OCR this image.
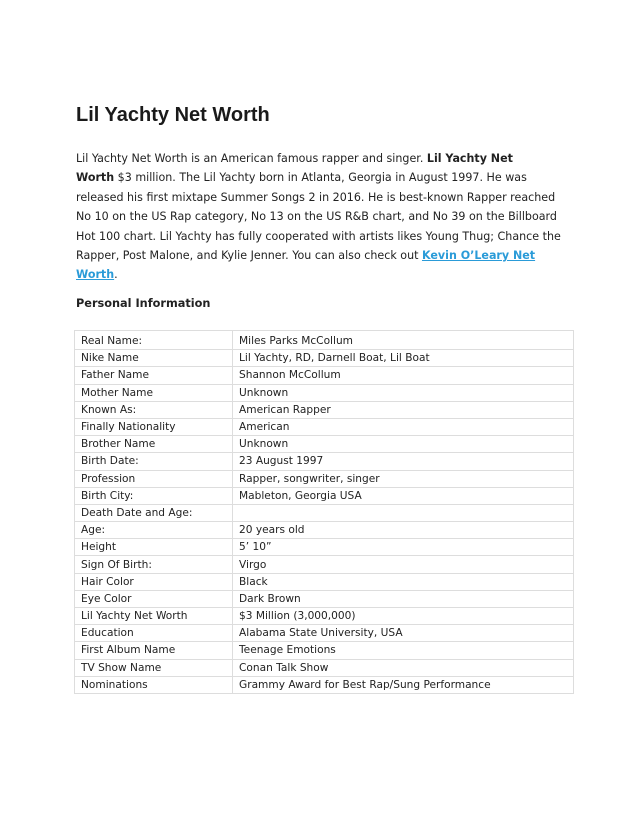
Lil Yachty Net Worth

Lil Yachty Net Worth is an American famous rapper and singer. Lil Yachty Net
Worth $3 million. The Lil Yachty born in Atlanta, Georgia in August 1997. He was
released his first mixtape Summer Songs 2 in 2016. He is best-known Rapper reached
No 10 on the US Rap category, No 13 on the US R&B chart, and No 39 on the Billboard
Hot 100 chart. Lil Yachty has fully cooperated with artists likes Young Thug; Chance the
Rapper, Post Malone, and Kylie Jenner. You can also check out Kevin O’Leary Net
Worth.

Personal Information
Real Name:	Miles Parks McCollum
Nike Name	Lil Yachty, RD, Darnell Boat, Lil Boat
Father Name	Shannon McCollum
Mother Name	Unknown
Known As:	American Rapper
Finally Nationality	American
Brother Name	Unknown
Birth Date:	23 August 1997
Profession	Rapper, songwriter, singer
Birth City:	Mableton, Georgia USA
Death Date and Age:	
Age:	20 years old
Height	5’ 10”
Sign Of Birth:	Virgo
Hair Color	Black
Eye Color	Dark Brown
Lil Yachty Net Worth	$3 Million (3,000,000)
Education	Alabama State University, USA
First Album Name	Teenage Emotions
TV Show Name	Conan Talk Show
Nominations	Grammy Award for Best Rap/Sung Performance
